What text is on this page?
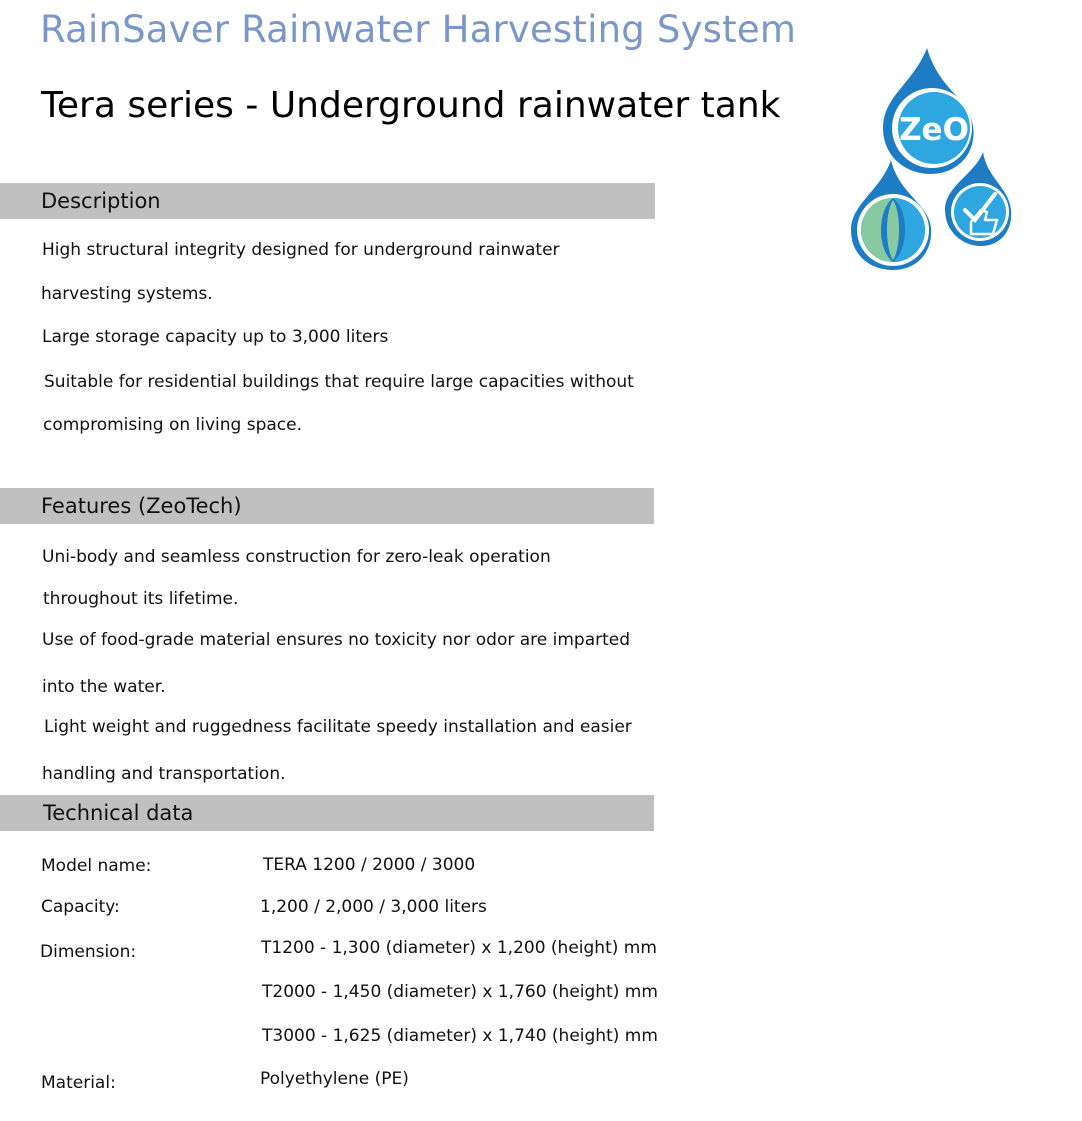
RainSaver Rainwater Harvesting System
Tera series - Underground rainwater tank
ZeO
Description
High structural integrity designed for underground rainwater
harvesting systems.
Large storage capacity up to 3,000 liters
Suitable for residential buildings that require large capacities without
compromising on living space.
Features (ZeoTech)
Uni-body and seamless construction for zero-leak operation
throughout its lifetime.
Use of food-grade material ensures no toxicity nor odor are imparted
into the water.
Light weight and ruggedness facilitate speedy installation and easier
handling and transportation.
Technical data
Model name:	TERA 1200 / 2000 / 3000
Capacity:	1,200 / 2,000 / 3,000 liters
Dimension:	T1200 - 1,300 (diameter) x 1,200 (height) mm
T2000 - 1,450 (diameter) x 1,760 (height) mm
T3000 - 1,625 (diameter) x 1,740 (height) mm
Material:	Polyethylene (PE)
